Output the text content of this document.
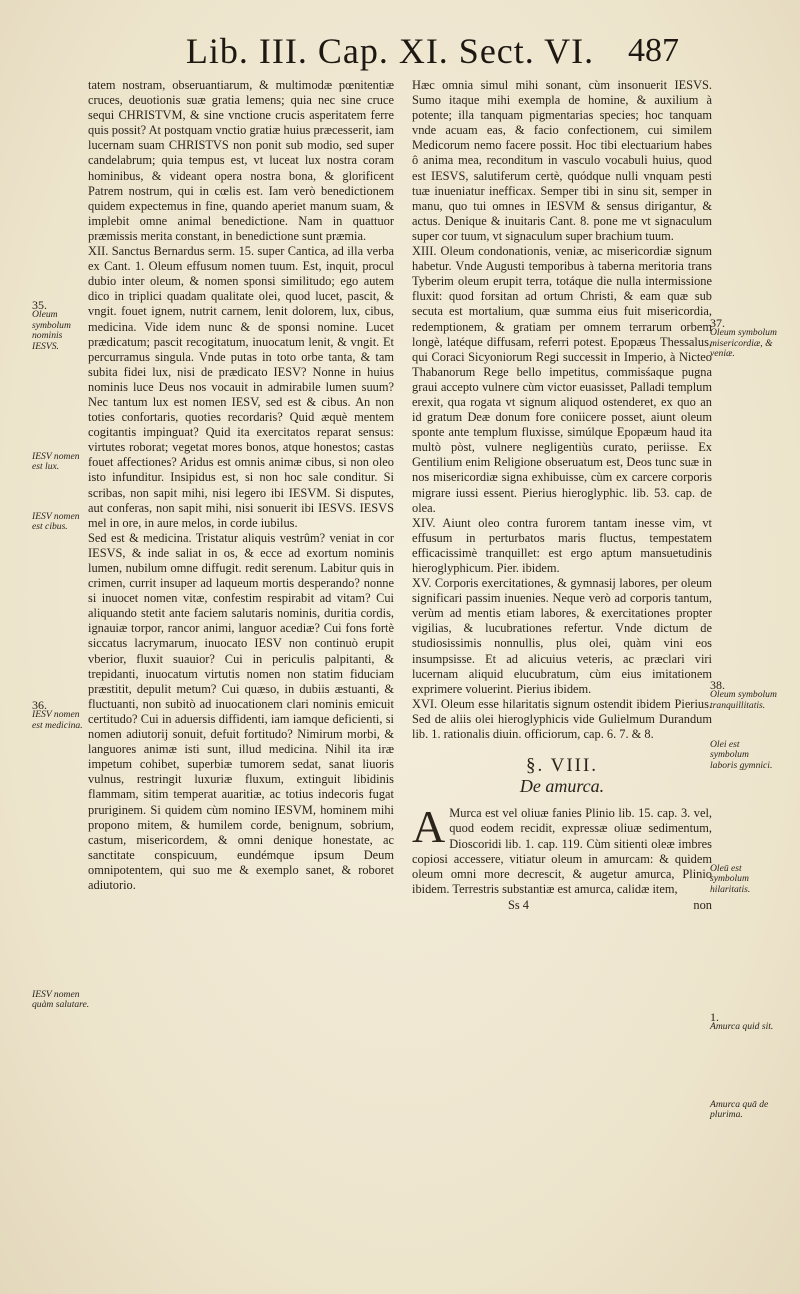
Lib. III. Cap. XI. Sect. VI. 487

tatem nostram, obseruantiarum, & multimodæ pœnitentiæ cruces, deuotionis suæ gratia lemens; quia nec sine cruce sequi CHRISTVM, & sine vnctione crucis asperitatem ferre quis possit? At postquam vnctio gratiæ huius præcesserit, iam lucernam suam CHRISTVS non ponit sub modio, sed super candelabrum; quia tempus est, vt luceat lux nostra coram hominibus, & videant opera nostra bona, & glorificent Patrem nostrum, qui in cœlis est. Iam verò benedictionem quidem expectemus in fine, quando aperiet manum suam, & implebit omne animal benedictione. Nam in quattuor præmissis merita constant, in benedictione sunt præmia.

XII. Sanctus Bernardus serm. 15. super Cantica, ad illa verba ex Cant. 1. Oleum effusum nomen tuum. Est, inquit, procul dubio inter oleum, & nomen sponsi similitudo; ego autem dico in triplici quadam qualitate olei, quod lucet, pascit, & vngit. fouet ignem, nutrit carnem, lenit dolorem, lux, cibus, medicina. Vide idem nunc & de sponsi nomine. Lucet prædicatum; pascit recogitatum, inuocatum lenit, & vngit. Et percurramus singula. Vnde putas in toto orbe tanta, & tam subita fidei lux, nisi de prædicato IESV? Nonne in huius nominis luce Deus nos vocauit in admirabile lumen suum? Nec tantum lux est nomen IESV, sed est & cibus. An non toties confortaris, quoties recordaris? Quid æquè mentem cogitantis impinguat? Quid ita exercitatos reparat sensus: virtutes roborat; vegetat mores bonos, atque honestos; castas fouet affectiones? Aridus est omnis animæ cibus, si non oleo isto infunditur. Insipidus est, si non hoc sale conditur. Si scribas, non sapit mihi, nisi legero ibi IESVM. Si disputes, aut conferas, non sapit mihi, nisi sonuerit ibi IESVS. IESVS mel in ore, in aure melos, in corde iubilus.

Sed est & medicina. Tristatur aliquis vestrûm? veniat in cor IESVS, & inde saliat in os, & ecce ad exortum nominis lumen, nubilum omne diffugit. redit serenum. Labitur quis in crimen, currit insuper ad laqueum mortis desperando? nonne si inuocet nomen vitæ, confestim respirabit ad vitam? Cui aliquando stetit ante faciem salutaris nominis, duritia cordis, ignauiæ torpor, rancor animi, languor acediæ? Cui fons fortè siccatus lacrymarum, inuocato IESV non continuò erupit vberior, fluxit suauior? Cui in periculis palpitanti, & trepidanti, inuocatum virtutis nomen non statim fiduciam præstitit, depulit metum? Cui quæso, in dubiis æstuanti, & fluctuanti, non subitò ad inuocationem clari nominis emicuit certitudo? Cui in aduersis diffidenti, iam iamque deficienti, si nomen adiutorij sonuit, defuit fortitudo? Nimirum morbi, & languores animæ isti sunt, illud medicina. Nihil ita iræ impetum cohibet, superbiæ tumorem sedat, sanat liuoris vulnus, restringit luxuriæ fluxum, extinguit libidinis flammam, sitim temperat auaritiæ, ac totius indecoris fugat pruriginem. Si quidem cùm nomino IESVM, hominem mihi propono mitem, & humilem corde, benignum, sobrium, castum, misericordem, & omni denique honestate, ac sanctitate conspicuum, eundémque ipsum Deum omnipotentem, qui suo me & exemplo sanet, & roboret adiutorio.

Hæc omnia simul mihi sonant, cùm insonuerit IESVS. Sumo itaque mihi exempla de homine, & auxilium à potente; illa tanquam pigmentarias species; hoc tanquam vnde acuam eas, & facio confectionem, cui similem Medicorum nemo facere possit. Hoc tibi electuarium habes ô anima mea, reconditum in vasculo vocabuli huius, quod est IESVS, salutiferum certè, quódque nulli vnquam pesti tuæ inueniatur inefficax. Semper tibi in sinu sit, semper in manu, quo tui omnes in IESVM & sensus dirigantur, & actus. Denique & inuitaris Cant. 8. pone me vt signaculum super cor tuum, vt signaculum super brachium tuum.

XIII. Oleum condonationis, veniæ, ac misericordiæ signum habetur. Vnde Augusti temporibus à taberna meritoria trans Tyberim oleum erupit terra, totáque die nulla intermissione fluxit: quod forsitan ad ortum Christi, & eam quæ sub secuta est mortalium, quæ summa eius fuit misericordia, redemptionem, & gratiam per omnem terrarum orbem longè, latéque diffusam, referri potest. Epopæus Thessalus, qui Coraci Sicyoniorum Regi successit in Imperio, à Nicteo Thabanorum Rege bello impetitus, commisśaque pugna graui accepto vulnere cùm victor euasisset, Palladi templum erexit, qua rogata vt signum aliquod ostenderet, ex quo an id gratum Deæ donum fore coniicere posset, aiunt oleum sponte ante templum fluxisse, simúlque Epopæum haud ita multò pòst, vulnere negligentiùs curato, periisse. Ex Gentilium enim Religione obseruatum est, Deos tunc suæ in nos misericordiæ signa exhibuisse, cùm ex carcere corporis migrare iussi essent. Pierius hieroglyphic. lib. 53. cap. de olea.

XIV. Aiunt oleo contra furorem tantam inesse vim, vt effusum in perturbatos maris fluctus, tempestatem efficacissimè tranquillet: est ergo aptum mansuetudinis hieroglyphicum. Pier. ibidem.

XV. Corporis exercitationes, & gymnasij labores, per oleum significari passim inuenies. Neque verò ad corporis tantum, verùm ad mentis etiam labores, & exercitationes propter vigilias, & lucubrationes refertur. Vnde dictum de studiosissimis nonnullis, plus olei, quàm vini eos insumpsisse. Et ad alicuius veteris, ac præclari viri lucernam aliquid elucubratum, cùm eius imitationem exprimere voluerint. Pierius ibidem.

XVI. Oleum esse hilaritatis signum ostendit ibidem Pierius. Sed de aliis olei hieroglyphicis vide Gulielmum Durandum lib. 1. rationalis diuin. officiorum, cap. 6. 7. & 8.

§. VIII.
De amurca.

A Murca est vel oliuæ fanies Plinio lib. 15. cap. 3. vel, quod eodem recidit, expressæ oliuæ sedimentum, Dioscoridi lib. 1. cap. 119. Cùm sitienti oleæ imbres copiosi accessere, vitiatur oleum in amurcam: & quidem oleum omni more decrescit, & augetur amurca, Plinio ibidem. Terrestris substantiæ est amurca, calidæ item,

Ss 4	non
35.
Oleum symbolum nominis IESVS.
IESV nomen est lux.
IESV nomen est cibus.
36.
IESV nomen est medicina.
IESV nomen quàm salutare.
37.
Oleum symbolum misericordiæ, & veniæ.
38.
Oleum symbolum tranquillitatis.
Olei est symbolum laboris gymnici.
Oleū est symbolum hilaritatis.
1.
Amurca quid sit.
Amurca quā de plurima.
